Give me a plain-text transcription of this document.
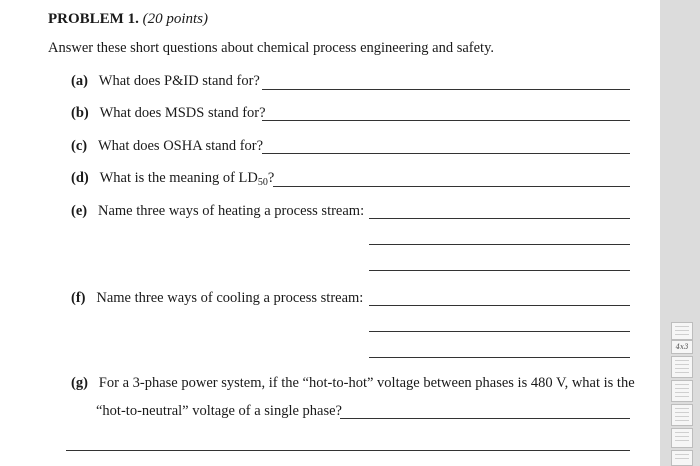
PROBLEM 1. (20 points)
Answer these short questions about chemical process engineering and safety.
(a) What does P&ID stand for?
(b) What does MSDS stand for?
(c) What does OSHA stand for?
(d) What is the meaning of $LD_{50}$?
(e) Name three ways of heating a process stream:
(f) Name three ways of cooling a process stream:
(g) For a 3-phase power system, if the “hot-to-hot” voltage between phases is 480 V, what is the
“hot-to-neutral” voltage of a single phase?
4x3
